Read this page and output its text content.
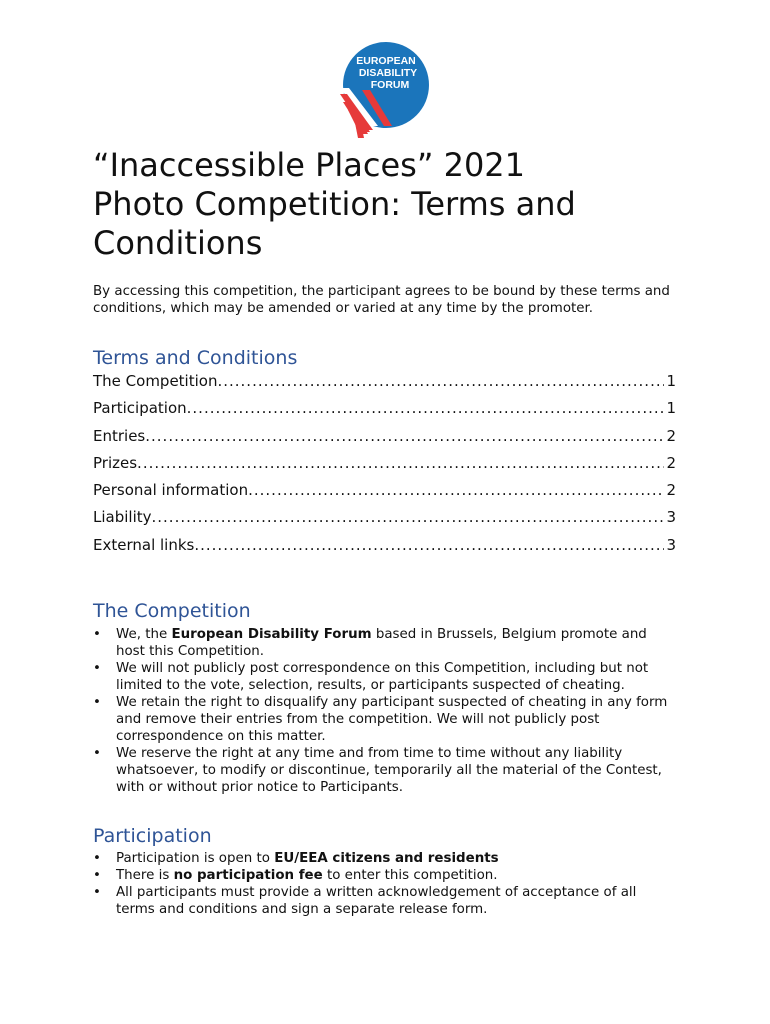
EUROPEAN
DISABILITY
FORUM
“Inaccessible Places” 2021
Photo Competition: Terms and
Conditions

By accessing this competition, the participant agrees to be bound by these terms and conditions, which may be amended or varied at any time by the promoter.

Terms and Conditions
The Competition .....	1
Participation .....	1
Entries .....	2
Prizes .....	2
Personal information .....	2
Liability .....	3
External links .....	3
The Competition
• We, the European Disability Forum based in Brussels, Belgium promote and host this Competition.
• We will not publicly post correspondence on this Competition, including but not limited to the vote, selection, results, or participants suspected of cheating.
• We retain the right to disqualify any participant suspected of cheating in any form and remove their entries from the competition. We will not publicly post correspondence on this matter.
• We reserve the right at any time and from time to time without any liability whatsoever, to modify or discontinue, temporarily all the material of the Contest, with or without prior notice to Participants.
Participation
• Participation is open to EU/EEA citizens and residents
• There is no participation fee to enter this competition.
• All participants must provide a written acknowledgement of acceptance of all terms and conditions and sign a separate release form.
